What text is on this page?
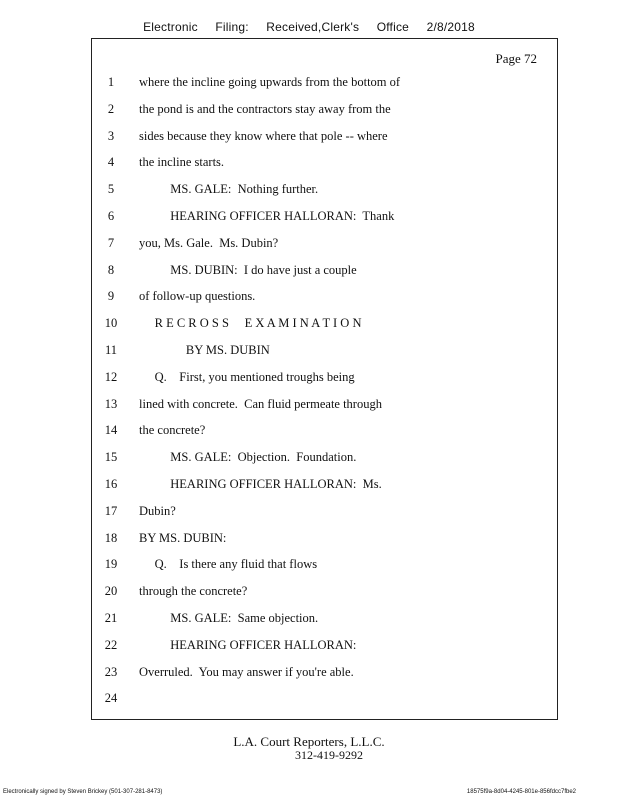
Electronic Filing: Received,Clerk's Office 2/8/2018
Page 72
1	where the incline going upwards from the bottom of
2	the pond is and the contractors stay away from the
3	sides because they know where that pole -- where
4	the incline starts.
5	MS. GALE:  Nothing further.
6	HEARING OFFICER HALLORAN:  Thank
7	you, Ms. Gale.  Ms. Dubin?
8	MS. DUBIN:  I do have just a couple
9	of follow-up questions.
10	R E C R O S S     E X A M I N A T I O N
11	BY MS. DUBIN
12	Q.    First, you mentioned troughs being
13	lined with concrete.  Can fluid permeate through
14	the concrete?
15	MS. GALE:  Objection.  Foundation.
16	HEARING OFFICER HALLORAN:  Ms.
17	Dubin?
18	BY MS. DUBIN:
19	Q.    Is there any fluid that flows
20	through the concrete?
21	MS. GALE:  Same objection.
22	HEARING OFFICER HALLORAN:
23	Overruled.  You may answer if you're able.
24
L.A. Court Reporters, L.L.C.
312-419-9292
Electronically signed by Steven Brickey (501-307-281-8473)	18575f9a-8d04-4245-801e-856fdcc7fbe2
